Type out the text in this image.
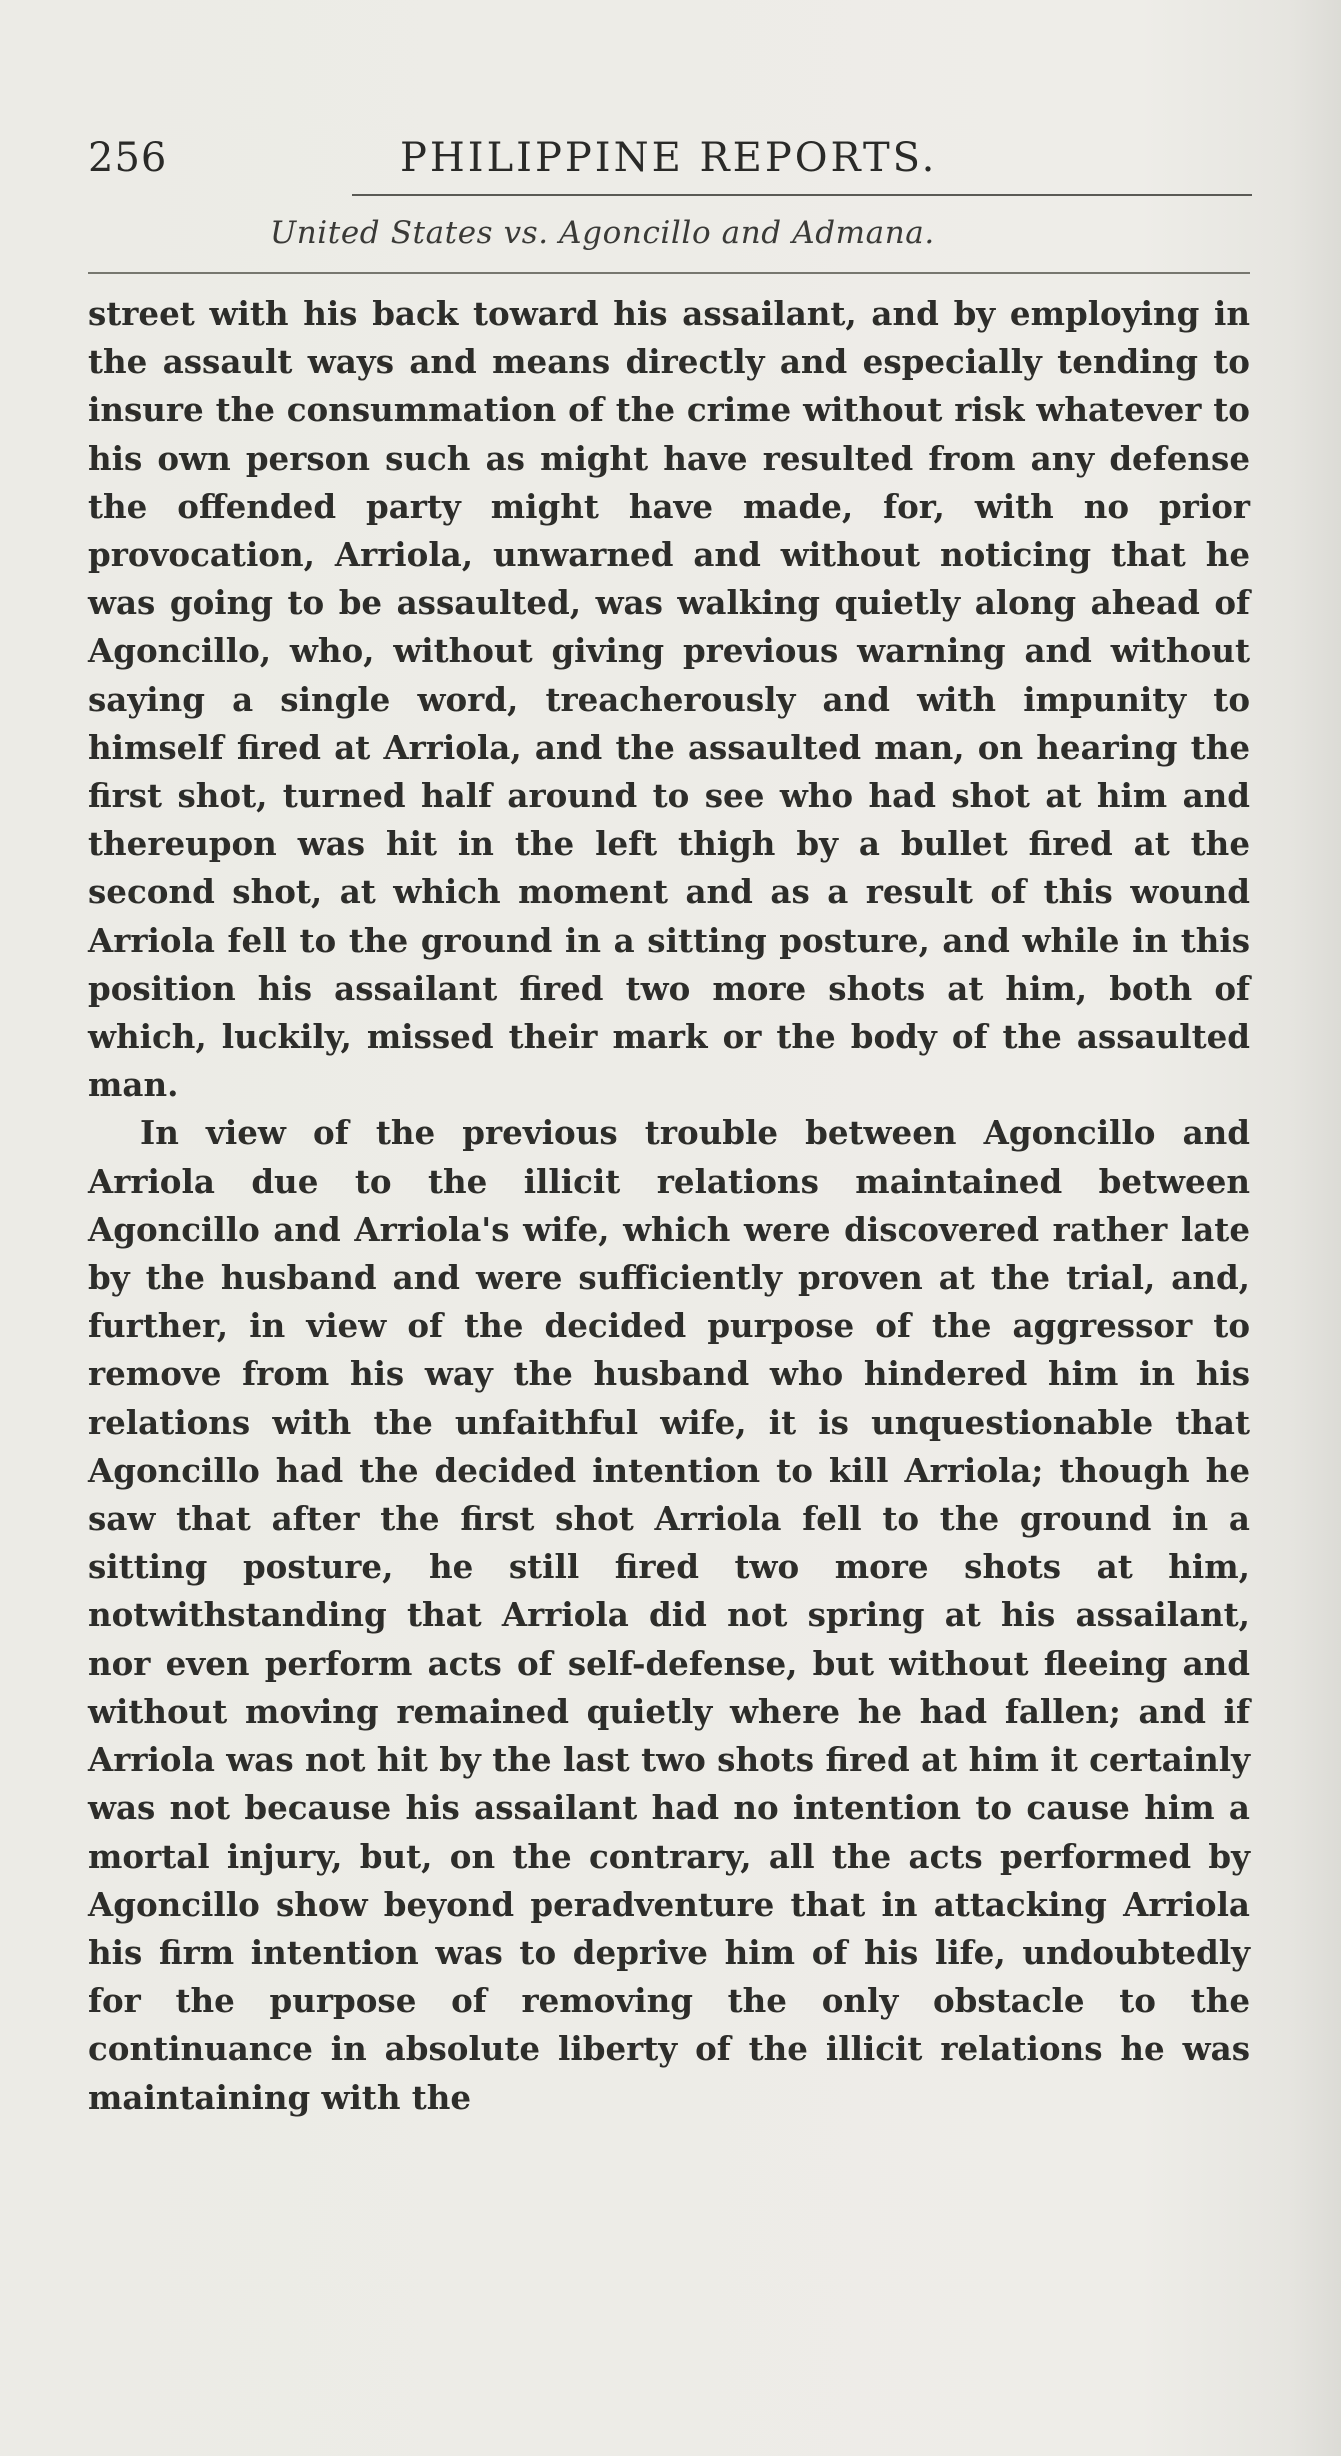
256	PHILIPPINE REPORTS.
United States vs. Agoncillo and Admana.

street with his back toward his assailant, and by employing in the assault ways and means directly and especially tending to insure the consummation of the crime without risk whatever to his own person such as might have resulted from any defense the offended party might have made, for, with no prior provocation, Arriola, unwarned and without noticing that he was going to be assaulted, was walking quietly along ahead of Agoncillo, who, without giving previous warning and without saying a single word, treacherously and with impunity to himself fired at Arriola, and the assaulted man, on hearing the first shot, turned half around to see who had shot at him and thereupon was hit in the left thigh by a bullet fired at the second shot, at which moment and as a result of this wound Arriola fell to the ground in a sitting posture, and while in this position his assailant fired two more shots at him, both of which, luckily, missed their mark or the body of the assaulted man.

In view of the previous trouble between Agoncillo and Arriola due to the illicit relations maintained between Agoncillo and Arriola's wife, which were discovered rather late by the husband and were sufficiently proven at the trial, and, further, in view of the decided purpose of the aggressor to remove from his way the husband who hindered him in his relations with the unfaithful wife, it is unquestionable that Agoncillo had the decided intention to kill Arriola; though he saw that after the first shot Arriola fell to the ground in a sitting posture, he still fired two more shots at him, notwithstanding that Arriola did not spring at his assailant, nor even perform acts of self-defense, but without fleeing and without moving remained quietly where he had fallen; and if Arriola was not hit by the last two shots fired at him it certainly was not because his assailant had no intention to cause him a mortal injury, but, on the contrary, all the acts performed by Agoncillo show beyond peradventure that in attacking Arriola his firm intention was to deprive him of his life, undoubtedly for the purpose of removing the only obstacle to the continuance in absolute liberty of the illicit relations he was maintaining with the
